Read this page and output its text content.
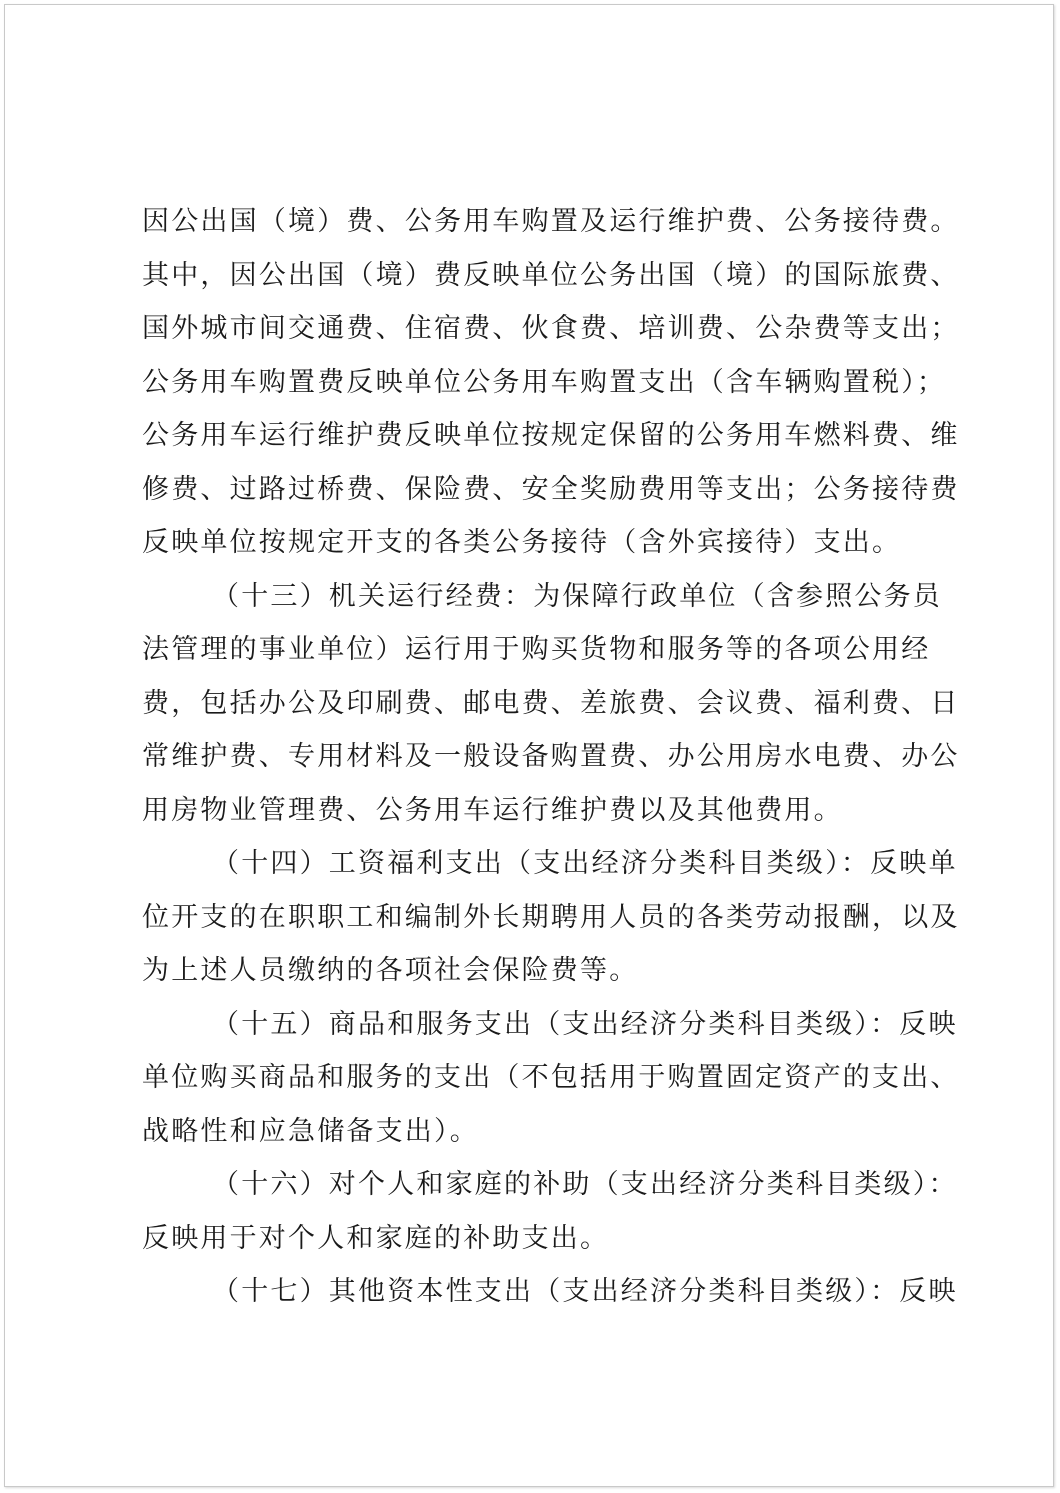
因公出国（境）费、公务用车购置及运行维护费、公务接待费。
其中，因公出国（境）费反映单位公务出国（境）的国际旅费、
国外城市间交通费、住宿费、伙食费、培训费、公杂费等支出；
公务用车购置费反映单位公务用车购置支出（含车辆购置税）；
公务用车运行维护费反映单位按规定保留的公务用车燃料费、维
修费、过路过桥费、保险费、安全奖励费用等支出；公务接待费
反映单位按规定开支的各类公务接待（含外宾接待）支出。
（十三）机关运行经费：为保障行政单位（含参照公务员
法管理的事业单位）运行用于购买货物和服务等的各项公用经
费，包括办公及印刷费、邮电费、差旅费、会议费、福利费、日
常维护费、专用材料及一般设备购置费、办公用房水电费、办公
用房物业管理费、公务用车运行维护费以及其他费用。
（十四）工资福利支出（支出经济分类科目类级）：反映单
位开支的在职职工和编制外长期聘用人员的各类劳动报酬，以及
为上述人员缴纳的各项社会保险费等。
（十五）商品和服务支出（支出经济分类科目类级）：反映
单位购买商品和服务的支出（不包括用于购置固定资产的支出、
战略性和应急储备支出）。
（十六）对个人和家庭的补助（支出经济分类科目类级）：
反映用于对个人和家庭的补助支出。
（十七）其他资本性支出（支出经济分类科目类级）：反映
